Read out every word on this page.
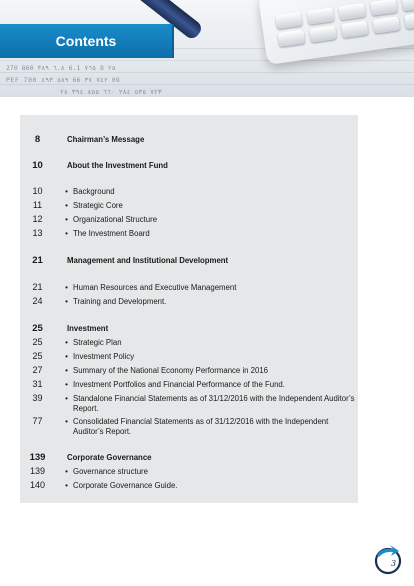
270 860 ٦.٨ ٣٨٩ 6.1 ٧٦٥ 8 ٢٥
PEF 700 ٥٨٩ ٤٩٣ 66 ٧٤٢ ٣٧ 09
٧٢٣ ٥٣٥ ٢٨٤ ٦٦٠ ٨٥٥ ٣٩٤ ٢٨
Contents
8	Chairman’s Message
10	About the Investment Fund
10	• Background
11	• Strategic Core
12	• Organizational Structure
13	• The Investment Board
21	Management and Institutional Development
21	• Human Resources and Executive Management
24	• Training and Development.
25	Investment
25	• Strategic Plan
25	• Investment Policy
27	• Summary of the National Economy Performance in 2016
31	• Investment Portfolios and Financial Performance of the Fund.
39	• Standalone Financial Statements as of 31/12/2016 with the Independent Auditor’s Report.
77	• Consolidated Financial Statements as of 31/12/2016 with the Independent Auditor’s Report.
139	Corporate Governance
139	• Governance structure
140	• Corporate Governance Guide.
3
